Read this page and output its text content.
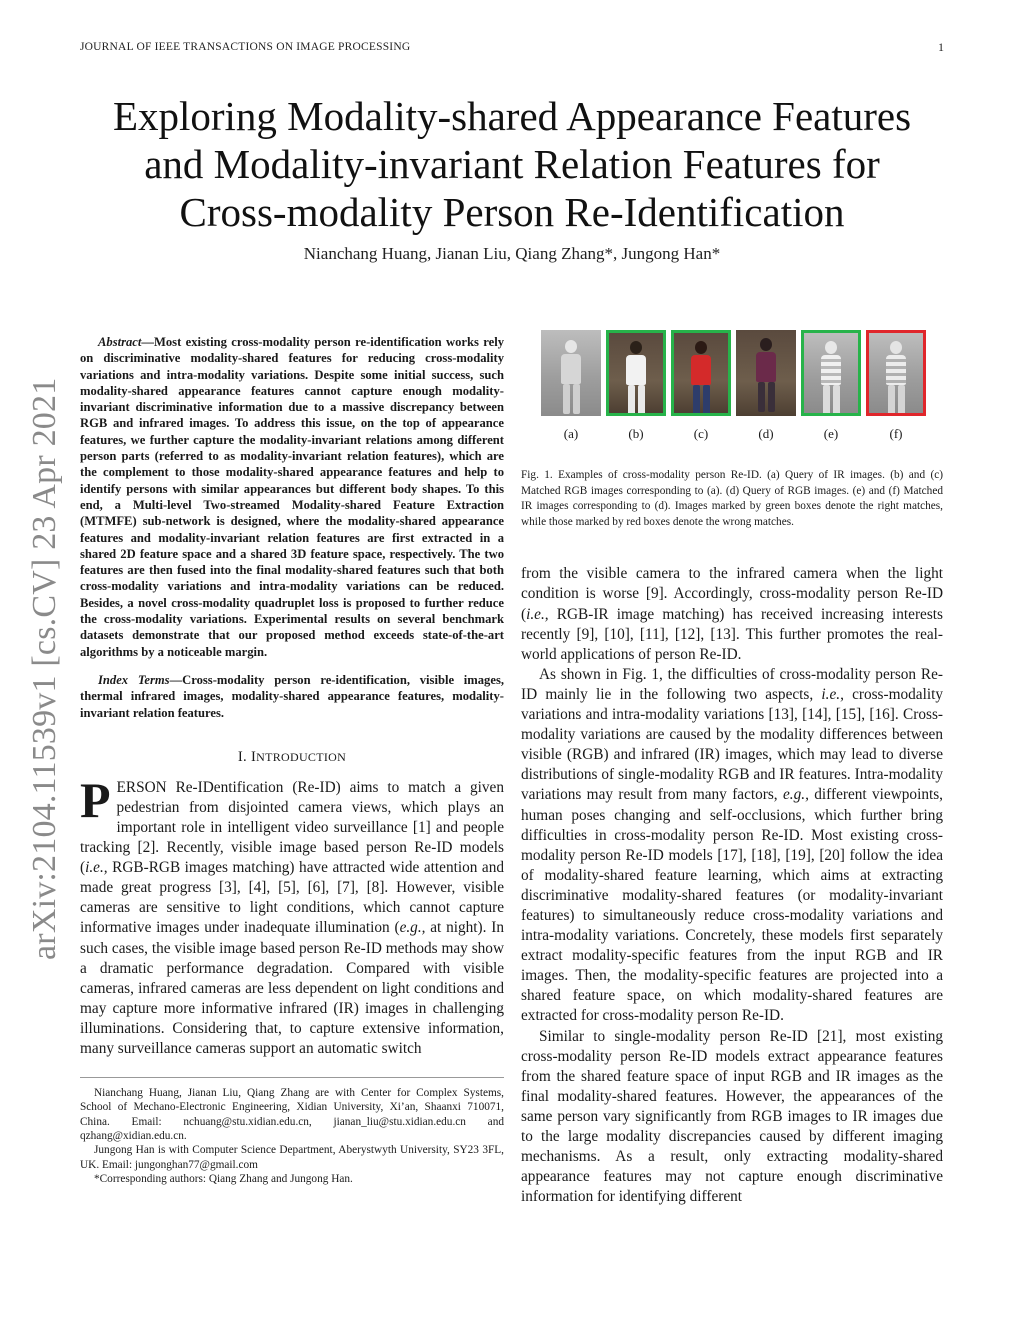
JOURNAL OF IEEE TRANSACTIONS ON IMAGE PROCESSING	1
Exploring Modality-shared Appearance Features
and Modality-invariant Relation Features for
Cross-modality Person Re-Identification
Nianchang Huang, Jianan Liu, Qiang Zhang*, Jungong Han*
arXiv:2104.11539v1 [cs.CV] 23 Apr 2021

Abstract—Most existing cross-modality person re-identification works rely on discriminative modality-shared features for reducing cross-modality variations and intra-modality variations. Despite some initial success, such modality-shared appearance features cannot capture enough modality-invariant discriminative information due to a massive discrepancy between RGB and infrared images. To address this issue, on the top of appearance features, we further capture the modality-invariant relations among different person parts (referred to as modality-invariant relation features), which are the complement to those modality-shared appearance features and help to identify persons with similar appearances but different body shapes. To this end, a Multi-level Two-streamed Modality-shared Feature Extraction (MTMFE) sub-network is designed, where the modality-shared appearance features and modality-invariant relation features are first extracted in a shared 2D feature space and a shared 3D feature space, respectively. The two features are then fused into the final modality-shared features such that both cross-modality variations and intra-modality variations can be reduced. Besides, a novel cross-modality quadruplet loss is proposed to further reduce the cross-modality variations. Experimental results on several benchmark datasets demonstrate that our proposed method exceeds state-of-the-art algorithms by a noticeable margin.

Index Terms—Cross-modality person re-identification, visible images, thermal infrared images, modality-shared appearance features, modality-invariant relation features.

I. INTRODUCTION

PERSON Re-IDentification (Re-ID) aims to match a given pedestrian from disjointed camera views, which plays an important role in intelligent video surveillance [1] and people tracking [2]. Recently, visible image based person Re-ID models (i.e., RGB-RGB images matching) have attracted wide attention and made great progress [3], [4], [5], [6], [7], [8]. However, visible cameras are sensitive to light conditions, which cannot capture informative images under inadequate illumination (e.g., at night). In such cases, the visible image based person Re-ID methods may show a dramatic performance degradation. Compared with visible cameras, infrared cameras are less dependent on light conditions and may capture more informative infrared (IR) images in challenging illuminations. Considering that, to capture extensive information, many surveillance cameras support an automatic switch

Nianchang Huang, Jianan Liu, Qiang Zhang are with Center for Complex Systems, School of Mechano-Electronic Engineering, Xidian University, Xi’an, Shaanxi 710071, China. Email: nchuang@stu.xidian.edu.cn, jianan_liu@stu.xidian.edu.cn and qzhang@xidian.edu.cn.

Jungong Han is with Computer Science Department, Aberystwyth University, SY23 3FL, UK. Email: jungonghan77@gmail.com

*Corresponding authors: Qiang Zhang and Jungong Han.

(a)	(b)	(c)	(d)	(e)	(f)

Fig. 1. Examples of cross-modality person Re-ID. (a) Query of IR images. (b) and (c) Matched RGB images corresponding to (a). (d) Query of RGB images. (e) and (f) Matched IR images corresponding to (d). Images marked by green boxes denote the right matches, while those marked by red boxes denote the wrong matches.

from the visible camera to the infrared camera when the light condition is worse [9]. Accordingly, cross-modality person Re-ID (i.e., RGB-IR image matching) has received increasing interests recently [9], [10], [11], [12], [13]. This further promotes the real-world applications of person Re-ID.

As shown in Fig. 1, the difficulties of cross-modality person Re-ID mainly lie in the following two aspects, i.e., cross-modality variations and intra-modality variations [13], [14], [15], [16]. Cross-modality variations are caused by the modality differences between visible (RGB) and infrared (IR) images, which may lead to diverse distributions of single-modality RGB and IR features. Intra-modality variations may result from many factors, e.g., different viewpoints, human poses changing and self-occlusions, which further bring difficulties in cross-modality person Re-ID. Most existing cross-modality person Re-ID models [17], [18], [19], [20] follow the idea of modality-shared feature learning, which aims at extracting discriminative modality-shared features (or modality-invariant features) to simultaneously reduce cross-modality variations and intra-modality variations. Concretely, these models first separately extract modality-specific features from the input RGB and IR images. Then, the modality-specific features are projected into a shared feature space, on which modality-shared features are extracted for cross-modality person Re-ID.

Similar to single-modality person Re-ID [21], most existing cross-modality person Re-ID models extract appearance features from the shared feature space of input RGB and IR images as the final modality-shared features. However, the appearances of the same person vary significantly from RGB images to IR images due to the large modality discrepancies caused by different imaging mechanisms. As a result, only extracting modality-shared appearance features may not capture enough discriminative information for identifying different
